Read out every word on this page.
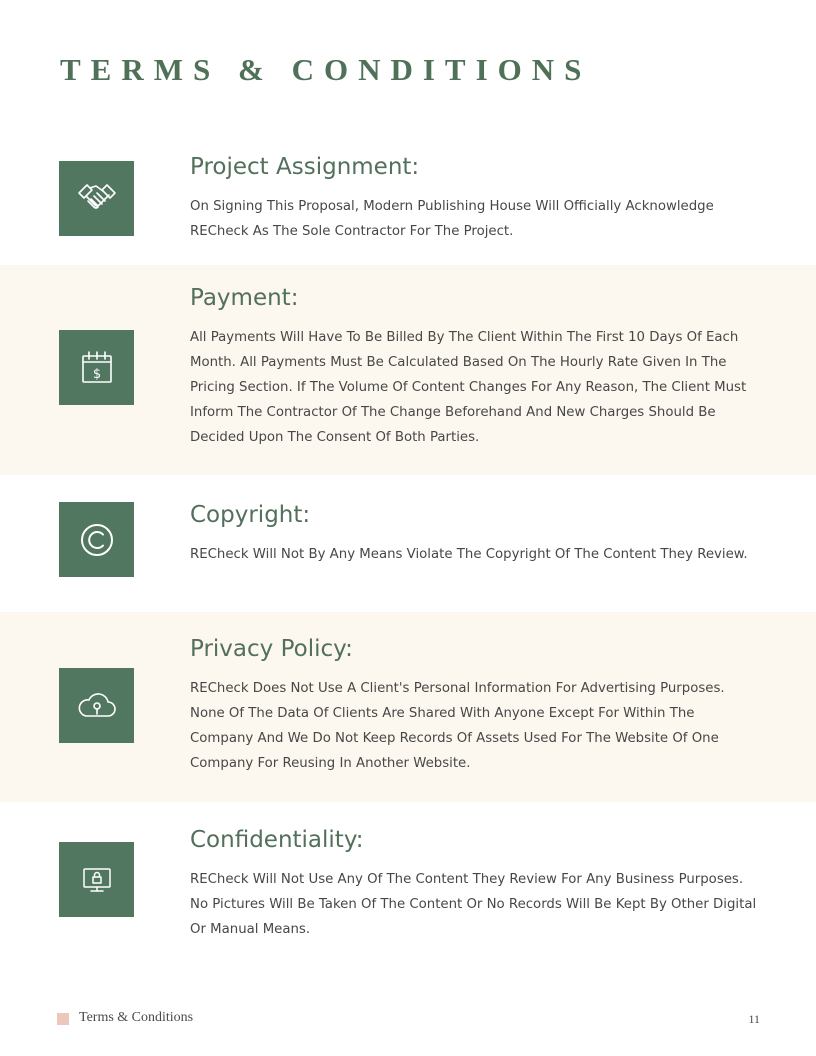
TERMS & CONDITIONS
Project Assignment:

On Signing This Proposal, Modern Publishing House Will Officially Acknowledge RECheck As The Sole Contractor For The Project.

$
Payment:

All Payments Will Have To Be Billed By The Client Within The First 10 Days Of Each Month. All Payments Must Be Calculated Based On The Hourly Rate Given In The Pricing Section. If The Volume Of Content Changes For Any Reason, The Client Must Inform The Contractor Of The Change Beforehand And New Charges Should Be Decided Upon The Consent Of Both Parties.

Copyright:

RECheck Will Not By Any Means Violate The Copyright Of The Content They Review.

Privacy Policy:

RECheck Does Not Use A Client's Personal Information For Advertising Purposes. None Of The Data Of Clients Are Shared With Anyone Except For Within The Company And We Do Not Keep Records Of Assets Used For The Website Of One Company For Reusing In Another Website.

Confidentiality:

RECheck Will Not Use Any Of The Content They Review For Any Business Purposes. No Pictures Will Be Taken Of The Content Or No Records Will Be Kept By Other Digital Or Manual Means.

Terms & Conditions	11
